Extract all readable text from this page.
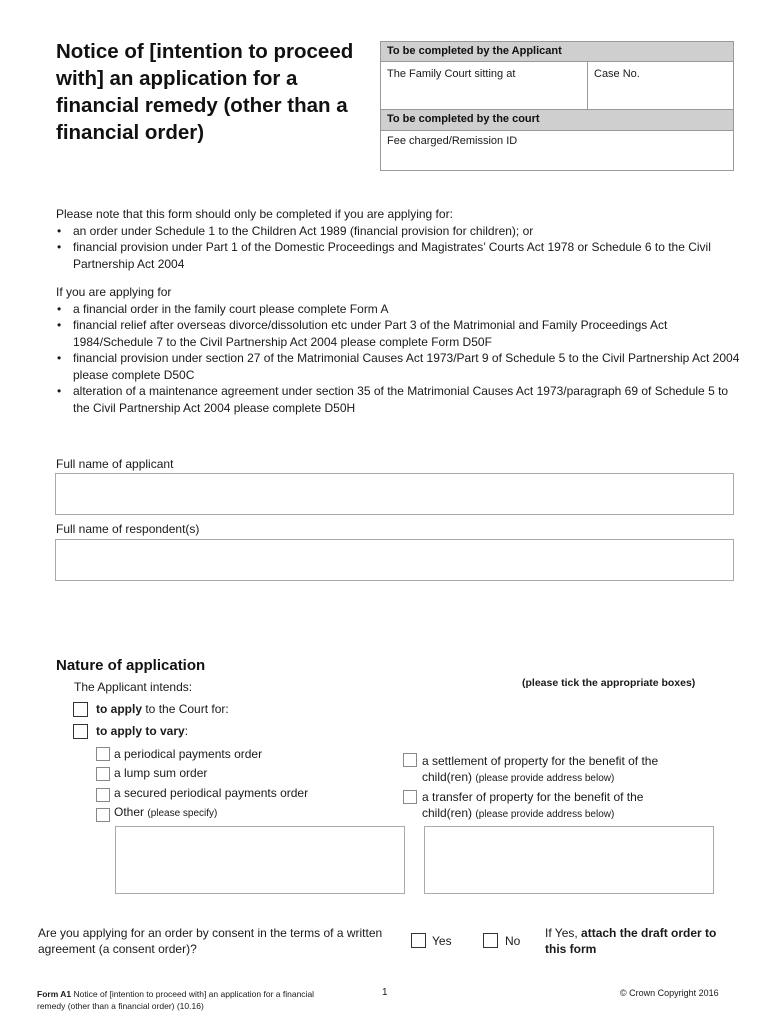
Notice of [intention to proceed with] an application for a financial remedy (other than a financial order)
To be completed by the Applicant
The Family Court sitting at	Case No.
To be completed by the court
Fee charged/Remission ID

Please note that this form should only be completed if you are applying for:

• an order under Schedule 1 to the Children Act 1989 (financial provision for children); or
• financial provision under Part 1 of the Domestic Proceedings and Magistrates’ Courts Act 1978 or Schedule 6 to the Civil Partnership Act 2004

If you are applying for

• a financial order in the family court please complete Form A
• financial relief after overseas divorce/dissolution etc under Part 3 of the Matrimonial and Family Proceedings Act 1984/Schedule 7 to the Civil Partnership Act 2004 please complete Form D50F
• financial provision under section 27 of the Matrimonial Causes Act 1973/Part 9 of Schedule 5 to the Civil Partnership Act 2004 please complete D50C
• alteration of a maintenance agreement under section 35 of the Matrimonial Causes Act 1973/paragraph 69 of Schedule 5 to the Civil Partnership Act 2004 please complete D50H
Full name of applicant
Full name of respondent(s)
Nature of application
The Applicant intends:	(please tick the appropriate boxes)
to apply to the Court for:
to apply to vary:
a periodical payments order
a lump sum order
a secured periodical payments order
Other (please specify)
a settlement of property for the benefit of the
child(ren) (please provide address below)
a transfer of property for the benefit of the
child(ren) (please provide address below)
Are you applying for an order by consent in the terms of a written agreement (a consent order)?
Yes	No
If Yes, attach the draft order to this form
Form A1 Notice of [intention to proceed with] an application for a financial remedy (other than a financial order) (10.16)
1	© Crown Copyright 2016
